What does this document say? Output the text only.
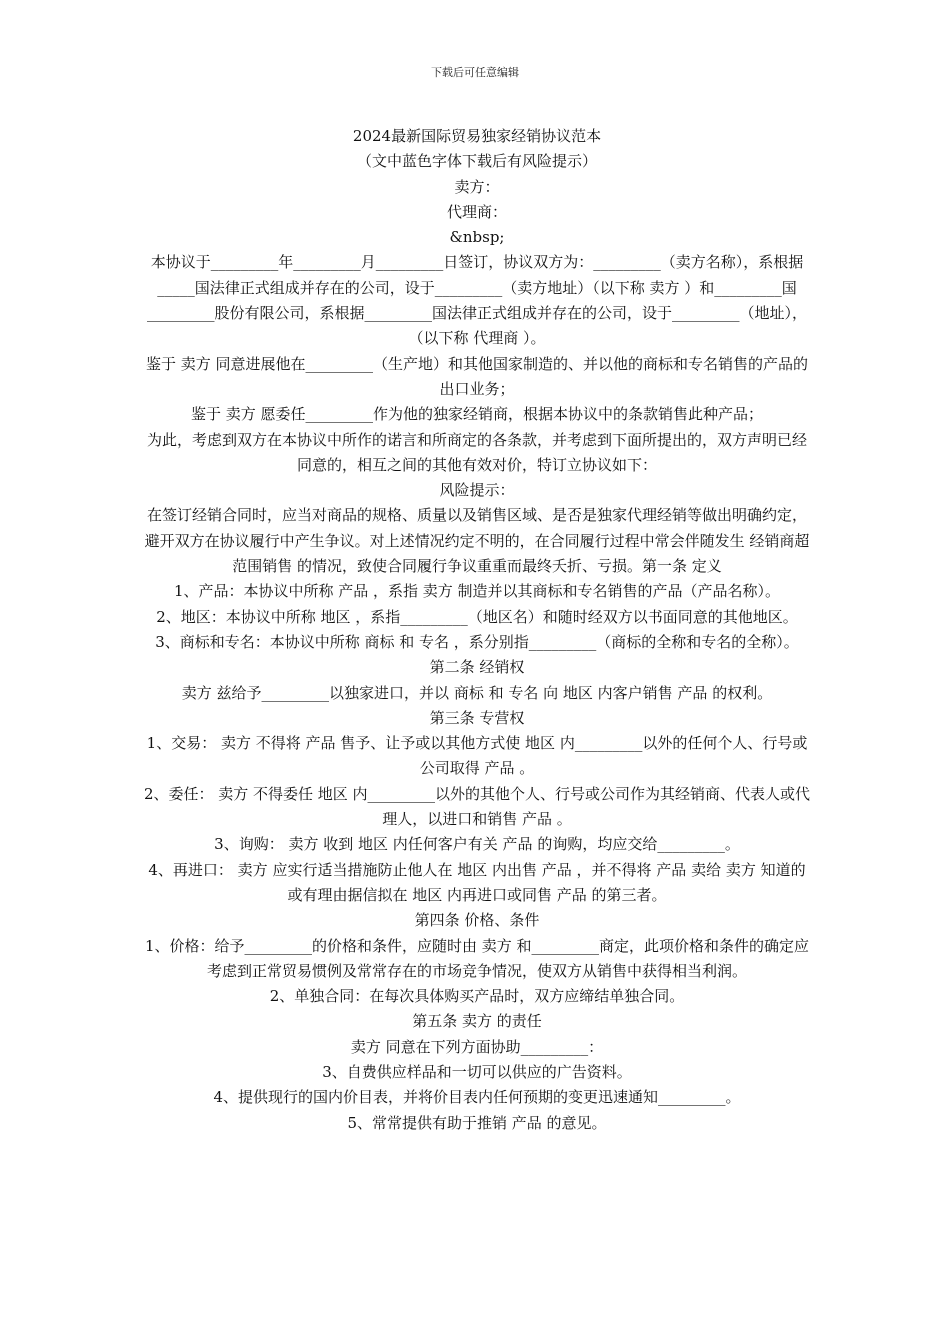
下载后可任意编辑

2024最新国际贸易独家经销协议范本

（文中蓝色字体下载后有风险提示）

卖方：

代理商：

&nbsp;

本协议于_________年_________月_________日签订，协议双方为：_________（卖方名称），系根据_____国法律正式组成并存在的公司，设于_________（卖方地址）（以下称 卖方 ）和_________国_________股份有限公司，系根据_________国法律正式组成并存在的公司，设于_________（地址），（以下称 代理商 ）。

鉴于 卖方 同意进展他在_________（生产地）和其他国家制造的、并以他的商标和专名销售的产品的出口业务；

鉴于 卖方 愿委任_________作为他的独家经销商，根据本协议中的条款销售此种产品；

为此，考虑到双方在本协议中所作的诺言和所商定的各条款，并考虑到下面所提出的，双方声明已经同意的，相互之间的其他有效对价，特订立协议如下：

风险提示：

在签订经销合同时，应当对商品的规格、质量以及销售区域、是否是独家代理经销等做出明确约定，避开双方在协议履行中产生争议。对上述情况约定不明的，在合同履行过程中常会伴随发生 经销商超范围销售 的情况，致使合同履行争议重重而最终夭折、亏损。第一条 定义

1、产品：本协议中所称 产品 ，系指 卖方 制造并以其商标和专名销售的产品（产品名称）。

2、地区：本协议中所称 地区 ，系指_________（地区名）和随时经双方以书面同意的其他地区。

3、商标和专名：本协议中所称 商标 和 专名 ，系分别指_________（商标的全称和专名的全称）。

第二条 经销权

卖方 兹给予_________以独家进口，并以 商标 和 专名 向 地区 内客户销售 产品 的权利。

第三条 专营权

1、交易： 卖方 不得将 产品 售予、让予或以其他方式使 地区 内_________以外的任何个人、行号或公司取得 产品 。

2、委任： 卖方 不得委任 地区 内_________以外的其他个人、行号或公司作为其经销商、代表人或代理人，以进口和销售 产品 。

3、询购： 卖方 收到 地区 内任何客户有关 产品 的询购，均应交给_________。

4、再进口： 卖方 应实行适当措施防止他人在 地区 内出售 产品 ，并不得将 产品 卖给 卖方 知道的或有理由据信拟在 地区 内再进口或同售 产品 的第三者。

第四条 价格、条件

1、价格：给予_________的价格和条件，应随时由 卖方 和_________商定，此项价格和条件的确定应考虑到正常贸易惯例及常常存在的市场竞争情况，使双方从销售中获得相当利润。

2、单独合同：在每次具体购买产品时，双方应缔结单独合同。

第五条 卖方 的责任

卖方 同意在下列方面协助_________：

3、自费供应样品和一切可以供应的广告资料。

4、提供现行的国内价目表，并将价目表内任何预期的变更迅速通知_________。

5、常常提供有助于推销 产品 的意见。
